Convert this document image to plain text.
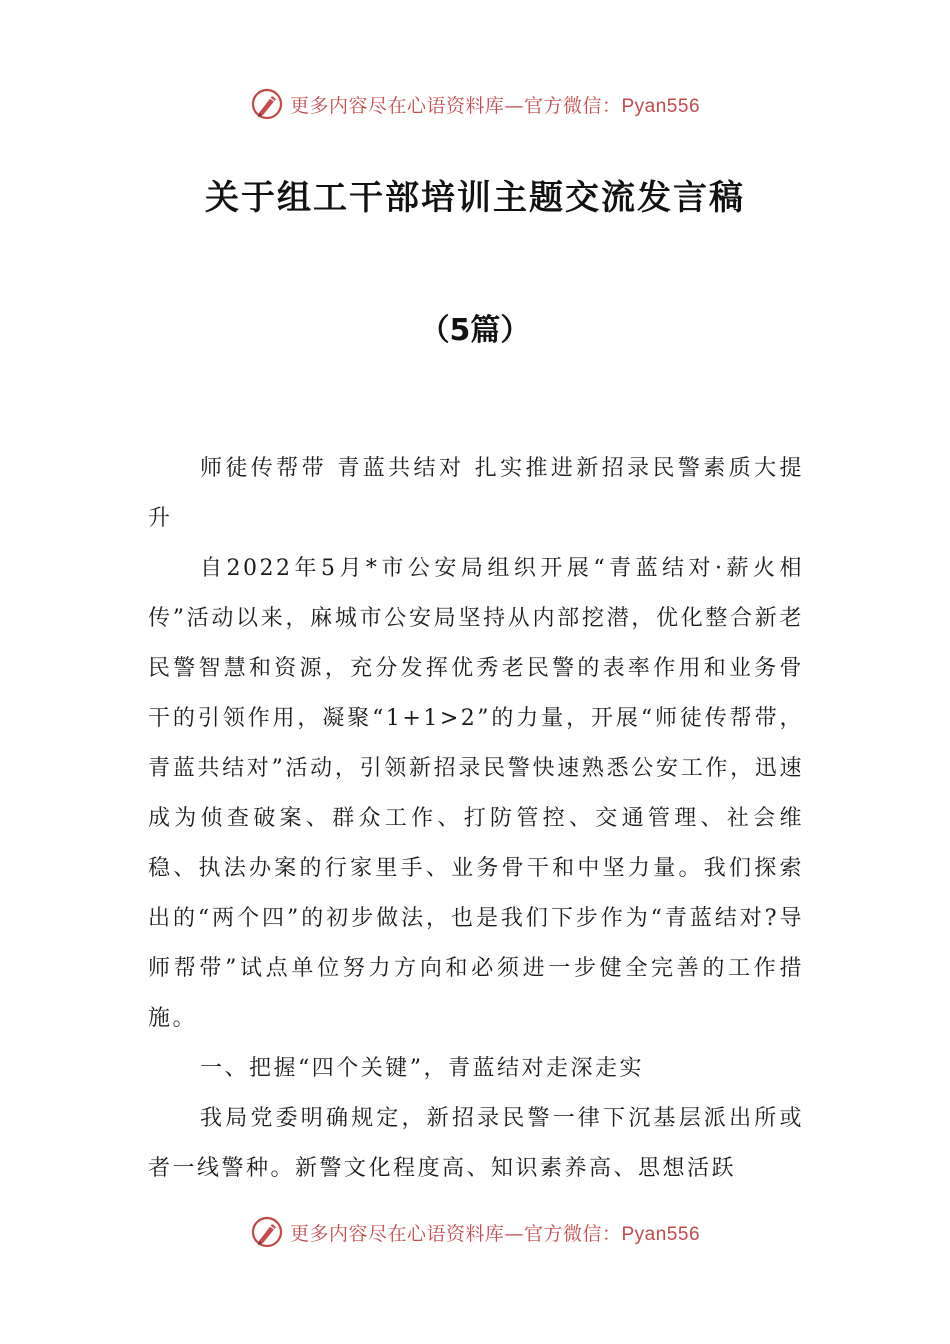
更多内容尽在心语资料库—官方微信：Pyan556
关于组工干部培训主题交流发言稿
（5篇）

师徒传帮带 青蓝共结对 扎实推进新招录民警素质大提升

自2022年5月*市公安局组织开展“青蓝结对·薪火相传”活动以来，麻城市公安局坚持从内部挖潜，优化整合新老民警智慧和资源，充分发挥优秀老民警的表率作用和业务骨干的引领作用，凝聚“1+1>2”的力量，开展“师徒传帮带，青蓝共结对”活动，引领新招录民警快速熟悉公安工作，迅速成为侦查破案、群众工作、打防管控、交通管理、社会维稳、执法办案的行家里手、业务骨干和中坚力量。我们探索出的“两个四”的初步做法，也是我们下步作为“青蓝结对?导师帮带”试点单位努力方向和必须进一步健全完善的工作措施。

一、把握“四个关键”，青蓝结对走深走实

我局党委明确规定，新招录民警一律下沉基层派出所或者一线警种。新警文化程度高、知识素养高、思想活跃

更多内容尽在心语资料库—官方微信：Pyan556
